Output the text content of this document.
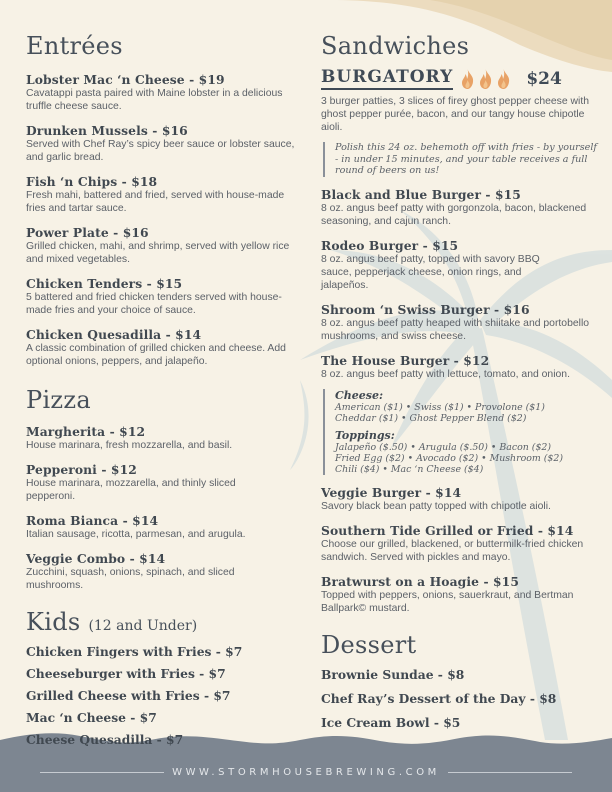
Entrées
Lobster Mac ‘n Cheese - $19
Cavatappi pasta paired with Maine lobster in a delicious truffle cheese sauce.
Drunken Mussels - $16
Served with Chef Ray’s spicy beer sauce or lobster sauce, and garlic bread.
Fish ‘n Chips - $18
Fresh mahi, battered and fried, served with house-made fries and tartar sauce.
Power Plate - $16
Grilled chicken, mahi, and shrimp, served with yellow rice and mixed vegetables.
Chicken Tenders - $15
5 battered and fried chicken tenders served with house-made fries and your choice of sauce.
Chicken Quesadilla - $14
A classic combination of grilled chicken and cheese. Add optional onions, peppers, and jalapeño.
Pizza
Margherita - $12
House marinara, fresh mozzarella, and basil.
Pepperoni - $12
House marinara, mozzarella, and thinly sliced pepperoni.
Roma Bianca - $14
Italian sausage, ricotta, parmesan, and arugula.
Veggie Combo - $14
Zucchini, squash, onions, spinach, and sliced mushrooms.
Kids (12 and Under)
Chicken Fingers with Fries - $7
Cheeseburger with Fries - $7
Grilled Cheese with Fries - $7
Mac ‘n Cheese - $7
Cheese Quesadilla - $7
Sandwiches
BURGATORY	$24
3 burger patties, 3 slices of firey ghost pepper cheese with ghost pepper purée, bacon, and our tangy house chipotle aioli.
Polish this 24 oz. behemoth off with fries - by yourself - in under 15 minutes, and your table receives a full round of beers on us!
Black and Blue Burger - $15
8 oz. angus beef patty with gorgonzola, bacon, blackened seasoning, and cajun ranch.
Rodeo Burger - $15
8 oz. angus beef patty, topped with savory BBQ sauce, pepperjack cheese, onion rings, and jalapeños.
Shroom ‘n Swiss Burger - $16
8 oz. angus beef patty heaped with shiitake and portobello mushrooms, and swiss cheese.
The House Burger - $12
8 oz. angus beef patty with lettuce, tomato, and onion.
Cheese:
American ($1) • Swiss ($1) • Provolone ($1)
Cheddar ($1) • Ghost Pepper Blend ($2)
Toppings:
Jalapeño ($.50) • Arugula ($.50) • Bacon ($2)
Fried Egg ($2) • Avocado ($2) • Mushroom ($2)
Chili ($4) • Mac ‘n Cheese ($4)
Veggie Burger - $14
Savory black bean patty topped with chipotle aioli.
Southern Tide Grilled or Fried - $14
Choose our grilled, blackened, or buttermilk-fried chicken sandwich. Served with pickles and mayo.
Bratwurst on a Hoagie - $15
Topped with peppers, onions, sauerkraut, and Bertman Ballpark© mustard.
Dessert
Brownie Sundae - $8
Chef Ray’s Dessert of the Day - $8
Ice Cream Bowl - $5
WWW.STORMHOUSEBREWING.COM
